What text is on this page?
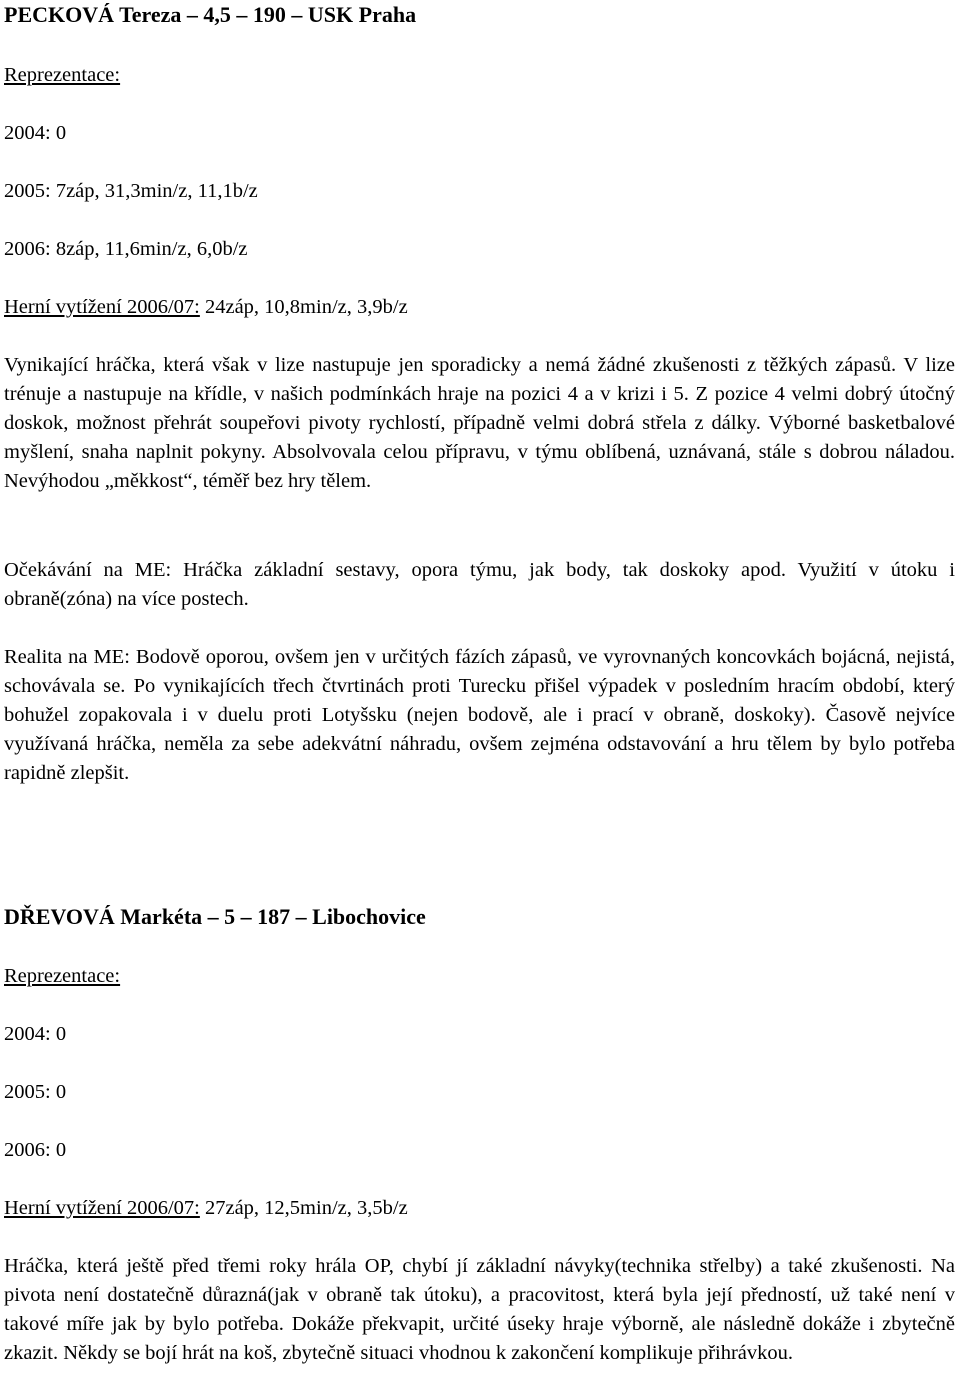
PECKOVÁ Tereza – 4,5 – 190 – USK Praha
Reprezentace:
2004: 0
2005: 7záp, 31,3min/z, 11,1b/z
2006: 8záp, 11,6min/z, 6,0b/z
Herní vytížení 2006/07: 24záp, 10,8min/z, 3,9b/z
Vynikající hráčka, která však v lize nastupuje jen sporadicky a nemá žádné zkušenosti z těžkých zápasů. V lize trénuje a nastupuje na křídle, v našich podmínkách hraje na pozici 4 a v krizi i 5. Z pozice 4 velmi dobrý útočný doskok, možnost přehrát soupeřovi pivoty rychlostí, případně velmi dobrá střela z dálky. Výborné basketbalové myšlení, snaha naplnit pokyny. Absolvovala celou přípravu, v týmu oblíbená, uznávaná, stále s dobrou náladou. Nevýhodou „měkkost“, téměř bez hry tělem.
Očekávání na ME: Hráčka základní sestavy, opora týmu, jak body, tak doskoky apod. Využití v útoku i obraně(zóna) na více postech.
Realita na ME: Bodově oporou, ovšem jen v určitých fázích zápasů, ve vyrovnaných koncovkách bojácná, nejistá, schovávala se. Po vynikajících třech čtvrtinách proti Turecku přišel výpadek v posledním hracím období, který bohužel zopakovala i v duelu proti Lotyšsku (nejen bodově, ale i prací v obraně, doskoky). Časově nejvíce využívaná hráčka, neměla za sebe adekvátní náhradu, ovšem zejména odstavování a hru tělem by bylo potřeba rapidně zlepšit.
DŘEVOVÁ Markéta – 5 – 187 – Libochovice
Reprezentace:
2004: 0
2005: 0
2006: 0
Herní vytížení 2006/07: 27záp, 12,5min/z, 3,5b/z
Hráčka, která ještě před třemi roky hrála OP, chybí jí základní návyky(technika střelby) a také zkušenosti. Na pivota není dostatečně důrazná(jak v obraně tak útoku), a pracovitost, která byla její předností, už také není v takové míře jak by bylo potřeba. Dokáže překvapit, určité úseky hraje výborně, ale následně dokáže i zbytečně zkazit. Někdy se bojí hrát na koš, zbytečně situaci vhodnou k zakončení komplikuje přihrávkou.
